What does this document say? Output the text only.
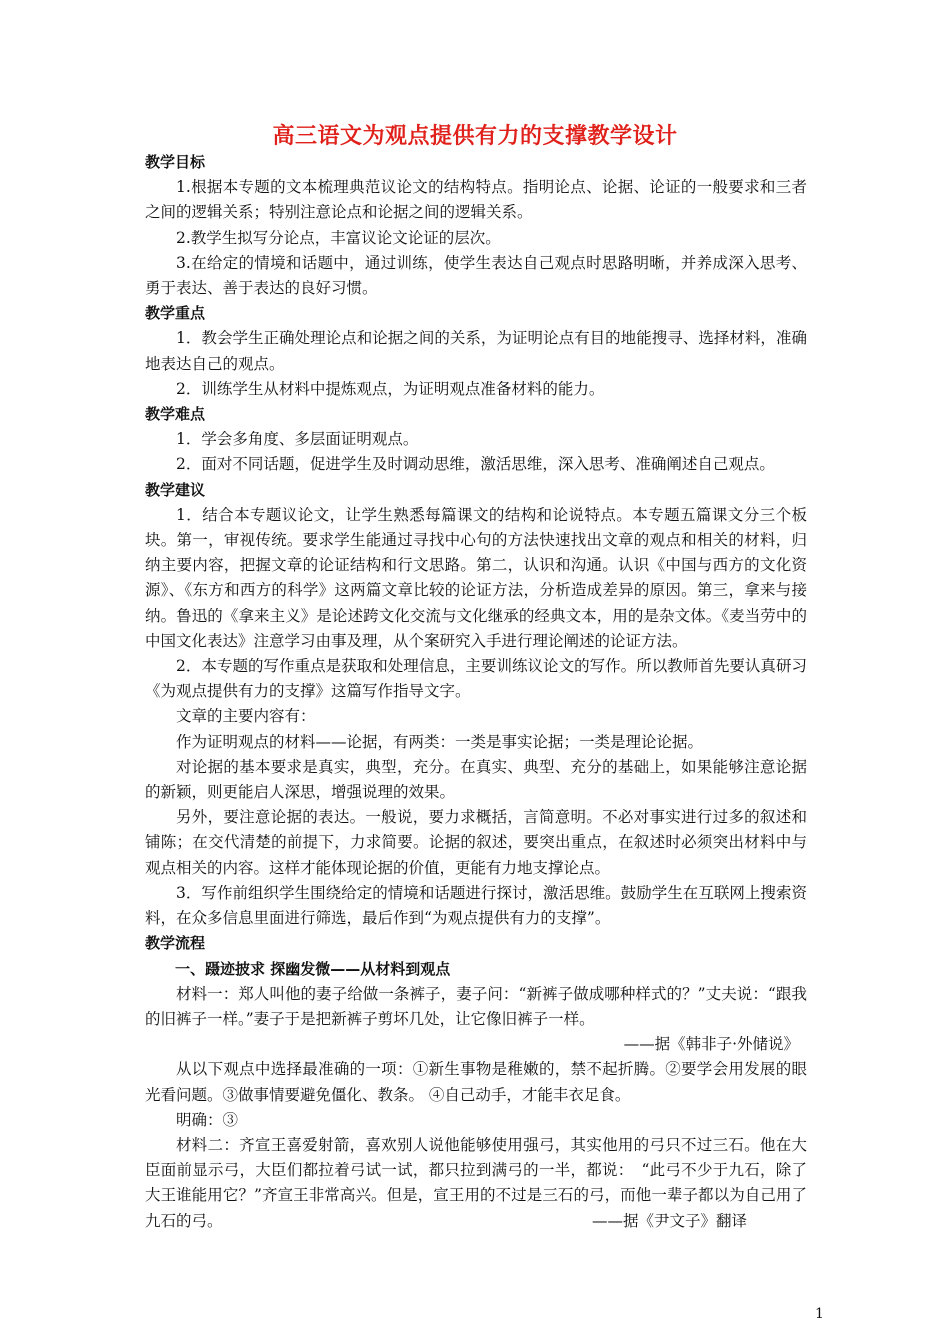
高三语文为观点提供有力的支撑教学设计

教学目标

1.根据本专题的文本梳理典范议论文的结构特点。指明论点、论据、论证的一般要求和三者之间的逻辑关系；特别注意论点和论据之间的逻辑关系。

2.教学生拟写分论点，丰富议论文论证的层次。

3.在给定的情境和话题中，通过训练，使学生表达自己观点时思路明晰，并养成深入思考、勇于表达、善于表达的良好习惯。

教学重点

1．教会学生正确处理论点和论据之间的关系，为证明论点有目的地能搜寻、选择材料，准确地表达自己的观点。

2．训练学生从材料中提炼观点，为证明观点准备材料的能力。

教学难点

1．学会多角度、多层面证明观点。

2．面对不同话题，促进学生及时调动思维，激活思维，深入思考、准确阐述自己观点。

教学建议

1．结合本专题议论文，让学生熟悉每篇课文的结构和论说特点。本专题五篇课文分三个板块。第一，审视传统。要求学生能通过寻找中心句的方法快速找出文章的观点和相关的材料，归纳主要内容，把握文章的论证结构和行文思路。第二，认识和沟通。认识《中国与西方的文化资源》、《东方和西方的科学》这两篇文章比较的论证方法，分析造成差异的原因。第三，拿来与接纳。鲁迅的《拿来主义》是论述跨文化交流与文化继承的经典文本，用的是杂文体。《麦当劳中的中国文化表达》注意学习由事及理，从个案研究入手进行理论阐述的论证方法。

2．本专题的写作重点是获取和处理信息，主要训练议论文的写作。所以教师首先要认真研习《为观点提供有力的支撑》这篇写作指导文字。

文章的主要内容有：

作为证明观点的材料——论据，有两类：一类是事实论据；一类是理论论据。

对论据的基本要求是真实，典型，充分。在真实、典型、充分的基础上，如果能够注意论据的新颖，则更能启人深思，增强说理的效果。

另外，要注意论据的表达。一般说，要力求概括，言简意明。不必对事实进行过多的叙述和铺陈；在交代清楚的前提下，力求简要。论据的叙述，要突出重点，在叙述时必须突出材料中与观点相关的内容。这样才能体现论据的价值，更能有力地支撑论点。

3．写作前组织学生围绕给定的情境和话题进行探讨，激活思维。鼓励学生在互联网上搜索资料，在众多信息里面进行筛选，最后作到“为观点提供有力的支撑”。

教学流程

一、蹑迹披求 探幽发微——从材料到观点

材料一：郑人叫他的妻子给做一条裤子，妻子问：“新裤子做成哪种样式的？”丈夫说：“跟我的旧裤子一样。”妻子于是把新裤子剪坏几处，让它像旧裤子一样。

——据《韩非子·外储说》

从以下观点中选择最准确的一项：①新生事物是稚嫩的，禁不起折腾。②要学会用发展的眼光看问题。③做事情要避免僵化、教条。 ④自己动手，才能丰衣足食。

明确：③

材料二：齐宣王喜爱射箭，喜欢别人说他能够使用强弓，其实他用的弓只不过三石。他在大臣面前显示弓，大臣们都拉着弓试一试，都只拉到满弓的一半，都说：　“此弓不少于九石，除了大王谁能用它？”齐宣王非常高兴。但是，宣王用的不过是三石的弓，而他一辈子都以为自己用了九石的弓。	——据《尹文子》翻译

1
